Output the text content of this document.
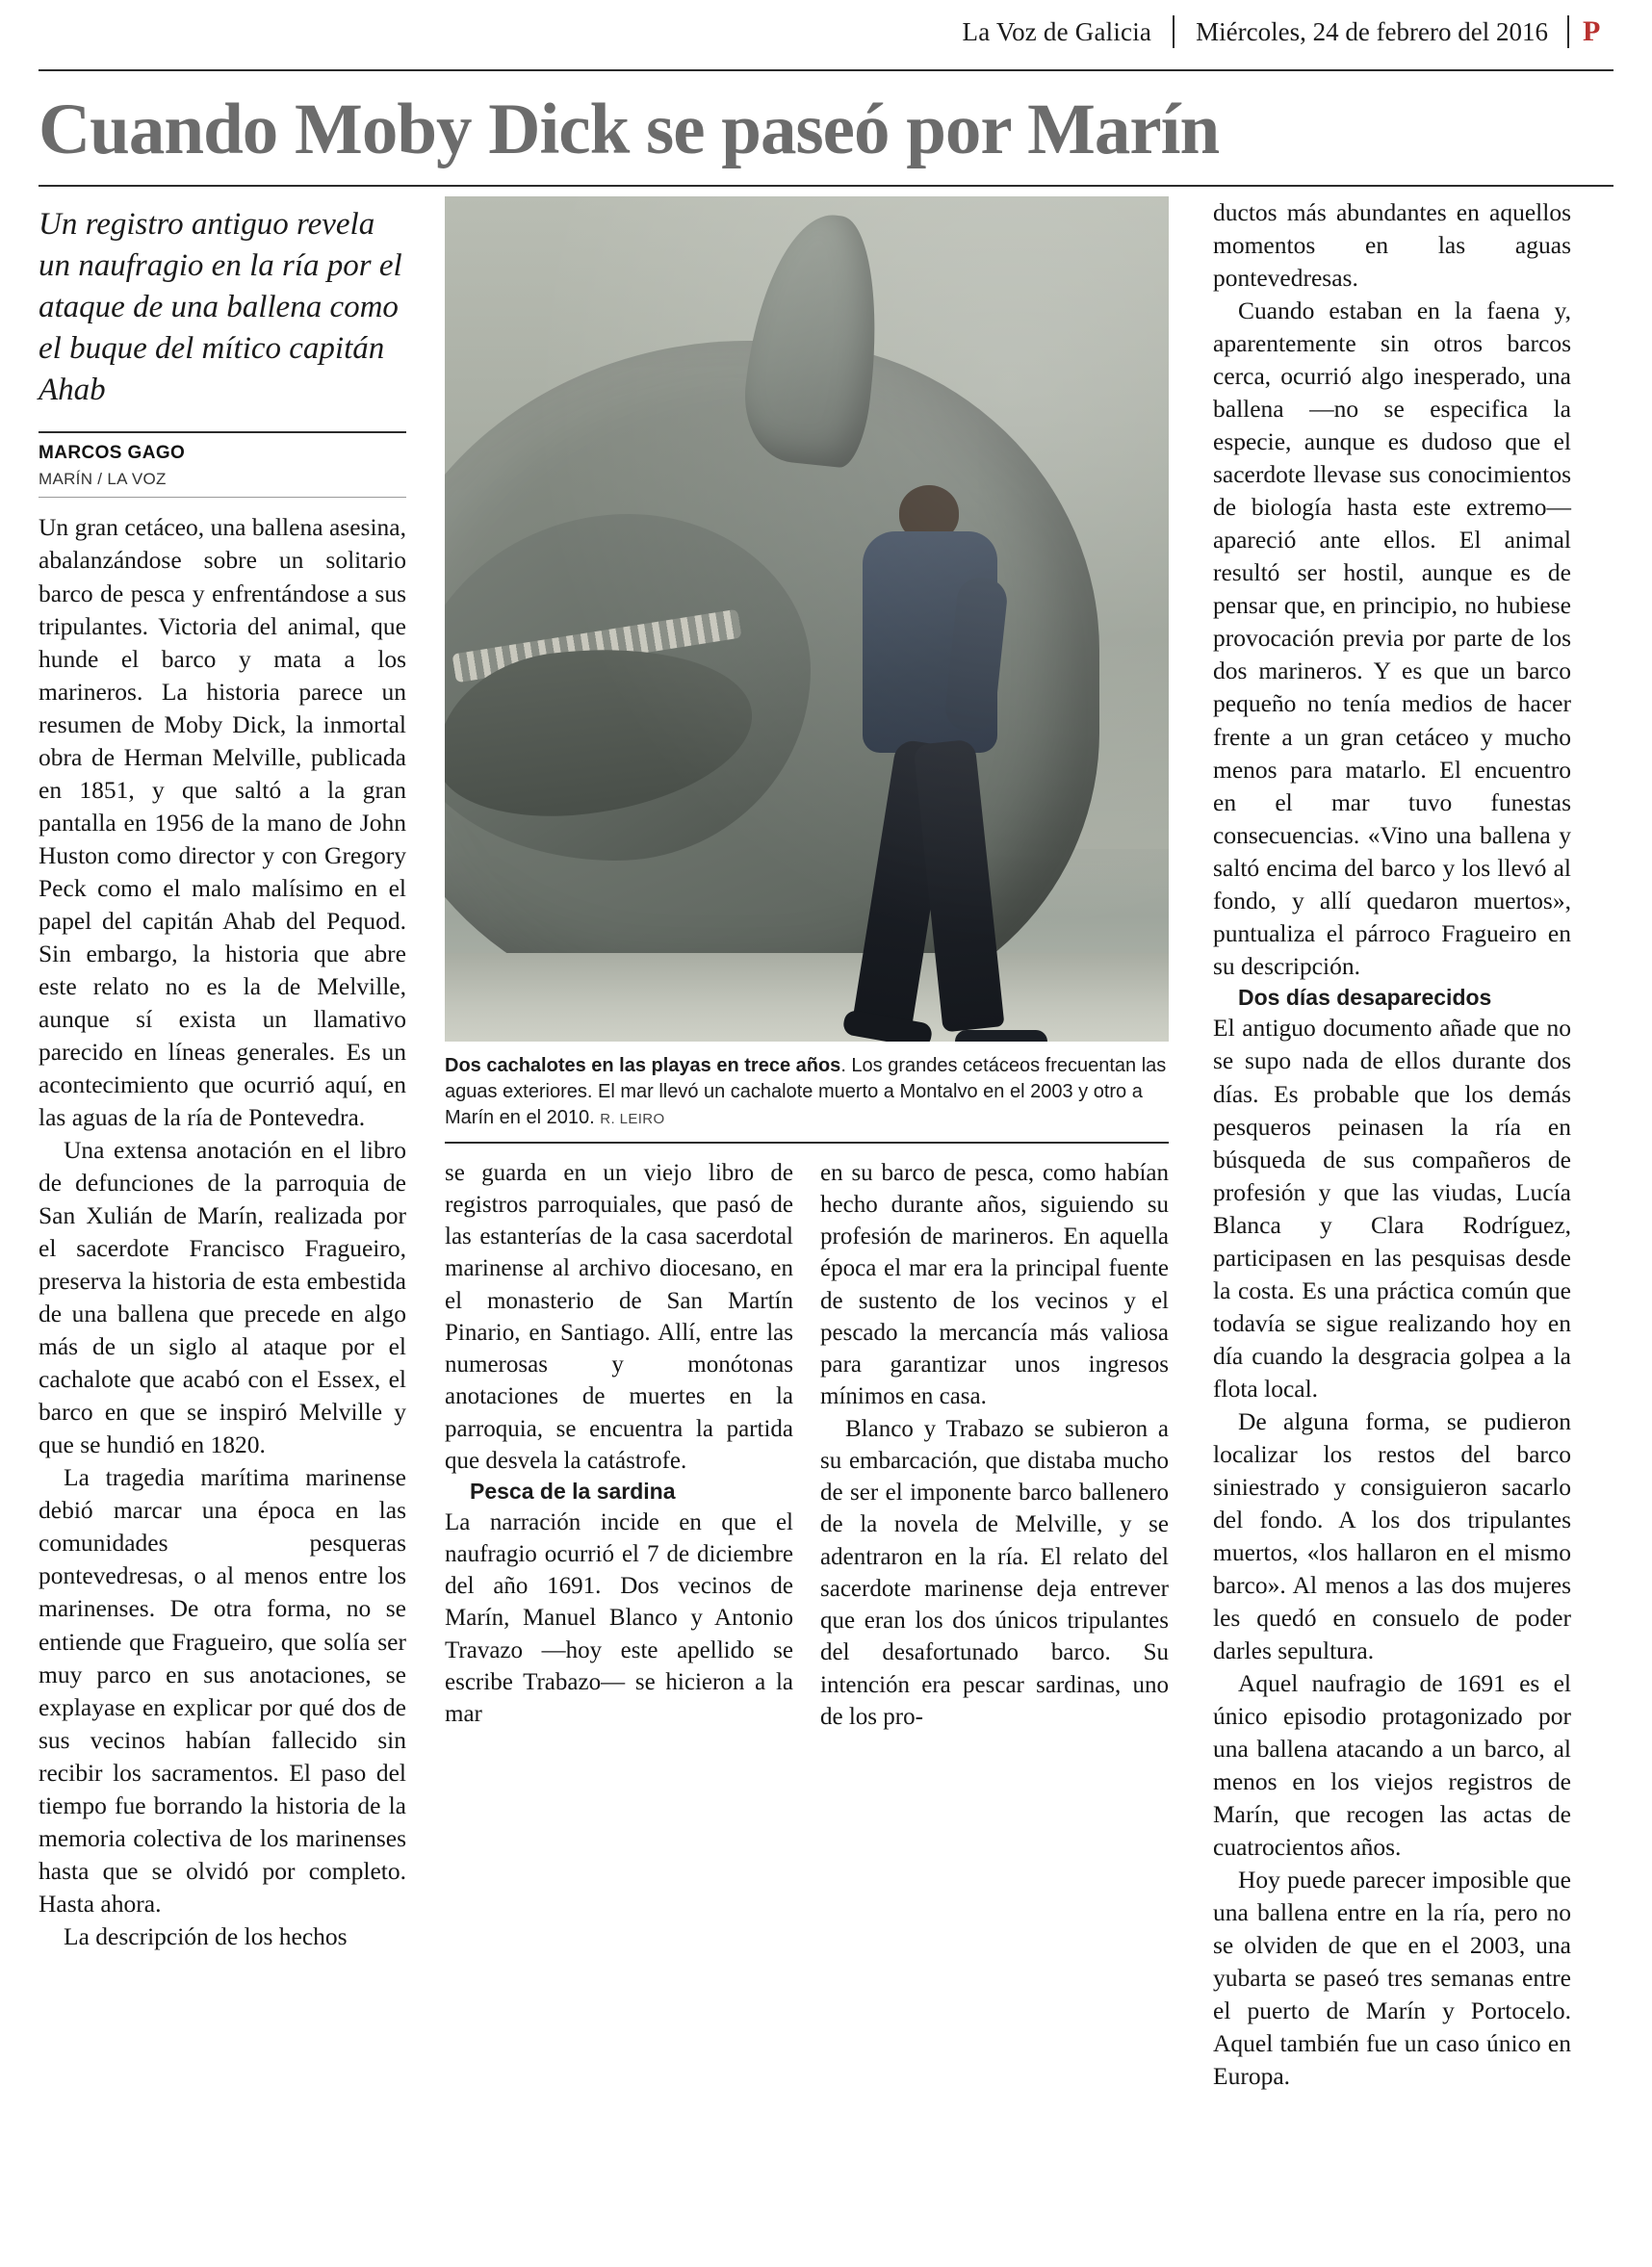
La Voz de Galicia	Miércoles, 24 de febrero del 2016	P
Cuando Moby Dick se paseó por Marín
Un registro antiguo revela un naufragio en la ría por el ataque de una ballena como el buque del mítico capitán Ahab
MARCOS GAGO
MARÍN / LA VOZ

Un gran cetáceo, una ballena asesina, abalanzándose sobre un solitario barco de pesca y enfrentándose a sus tripulantes. Victoria del animal, que hunde el barco y mata a los marineros. La historia parece un resumen de Moby Dick, la inmortal obra de Herman Melville, publicada en 1851, y que saltó a la gran pantalla en 1956 de la mano de John Huston como director y con Gregory Peck como el malo malísimo en el papel del capitán Ahab del Pequod. Sin embargo, la historia que abre este relato no es la de Melville, aunque sí exista un llamativo parecido en líneas generales. Es un acontecimiento que ocurrió aquí, en las aguas de la ría de Pontevedra.

Una extensa anotación en el libro de defunciones de la parroquia de San Xulián de Marín, realizada por el sacerdote Francisco Fragueiro, preserva la historia de esta embestida de una ballena que precede en algo más de un siglo al ataque por el cachalote que acabó con el Essex, el barco en que se inspiró Melville y que se hundió en 1820.

La tragedia marítima marinense debió marcar una época en las comunidades pesqueras pontevedresas, o al menos entre los marinenses. De otra forma, no se entiende que Fragueiro, que solía ser muy parco en sus anotaciones, se explayase en explicar por qué dos de sus vecinos habían fallecido sin recibir los sacramentos. El paso del tiempo fue borrando la historia de la memoria colectiva de los marinenses hasta que se olvidó por completo. Hasta ahora.

La descripción de los hechos

Dos cachalotes en las playas en trece años. Los grandes cetáceos frecuentan las aguas exteriores. El mar llevó un cachalote muerto a Montalvo en el 2003 y otro a Marín en el 2010. R. LEIRO

se guarda en un viejo libro de registros parroquiales, que pasó de las estanterías de la casa sacerdotal marinense al archivo diocesano, en el monasterio de San Martín Pinario, en Santiago. Allí, entre las numerosas y monótonas anotaciones de muertes en la parroquia, se encuentra la partida que desvela la catástrofe.

Pesca de la sardina

La narración incide en que el naufragio ocurrió el 7 de diciembre del año 1691. Dos vecinos de Marín, Manuel Blanco y Antonio Travazo —hoy este apellido se escribe Trabazo— se hicieron a la mar

en su barco de pesca, como habían hecho durante años, siguiendo su profesión de marineros. En aquella época el mar era la principal fuente de sustento de los vecinos y el pescado la mercancía más valiosa para garantizar unos ingresos mínimos en casa.

Blanco y Trabazo se subieron a su embarcación, que distaba mucho de ser el imponente barco ballenero de la novela de Melville, y se adentraron en la ría. El relato del sacerdote marinense deja entrever que eran los dos únicos tripulantes del desafortunado barco. Su intención era pescar sardinas, uno de los pro-

ductos más abundantes en aquellos momentos en las aguas pontevedresas.

Cuando estaban en la faena y, aparentemente sin otros barcos cerca, ocurrió algo inesperado, una ballena —no se especifica la especie, aunque es dudoso que el sacerdote llevase sus conocimientos de biología hasta este extremo— apareció ante ellos. El animal resultó ser hostil, aunque es de pensar que, en principio, no hubiese provocación previa por parte de los dos marineros. Y es que un barco pequeño no tenía medios de hacer frente a un gran cetáceo y mucho menos para matarlo. El encuentro en el mar tuvo funestas consecuencias. «Vino una ballena y saltó encima del barco y los llevó al fondo, y allí quedaron muertos», puntualiza el párroco Fragueiro en su descripción.

Dos días desaparecidos

El antiguo documento añade que no se supo nada de ellos durante dos días. Es probable que los demás pesqueros peinasen la ría en búsqueda de sus compañeros de profesión y que las viudas, Lucía Blanca y Clara Rodríguez, participasen en las pesquisas desde la costa. Es una práctica común que todavía se sigue realizando hoy en día cuando la desgracia golpea a la flota local.

De alguna forma, se pudieron localizar los restos del barco siniestrado y consiguieron sacarlo del fondo. A los dos tripulantes muertos, «los hallaron en el mismo barco». Al menos a las dos mujeres les quedó en consuelo de poder darles sepultura.

Aquel naufragio de 1691 es el único episodio protagonizado por una ballena atacando a un barco, al menos en los viejos registros de Marín, que recogen las actas de cuatrocientos años.

Hoy puede parecer imposible que una ballena entre en la ría, pero no se olviden de que en el 2003, una yubarta se paseó tres semanas entre el puerto de Marín y Portocelo. Aquel también fue un caso único en Europa.
